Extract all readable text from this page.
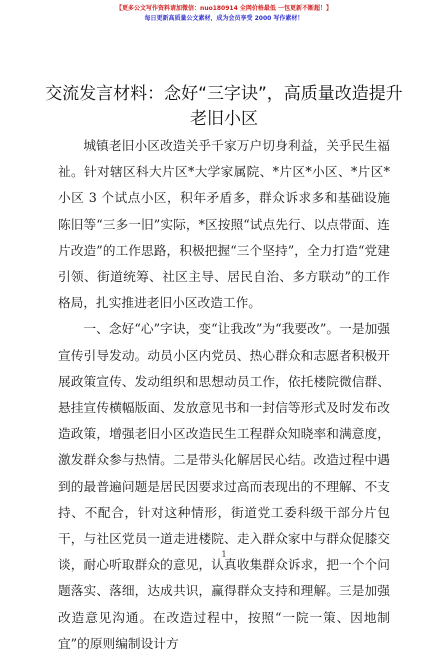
【更多公文写作资料请加微信：nuo180914 全网价格最低 一包更新不断超！】
每日更新高质量公文素材，成为会员享受 2000 写作素材！
交流发言材料：念好“三字诀”，高质量改造提升老旧小区

城镇老旧小区改造关乎千家万户切身利益，关乎民生福祉。针对辖区科大片区*大学家属院、*片区*小区、*片区*小区 3 个试点小区，积年矛盾多，群众诉求多和基础设施陈旧等“三多一旧”实际，*区按照“试点先行、以点带面、连片改造”的工作思路，积极把握“三个坚持”，全力打造“党建引领、街道统筹、社区主导、居民自治、多方联动”的工作格局，扎实推进老旧小区改造工作。

一、念好“心”字诀，变“让我改”为“我要改”。一是加强宣传引导发动。动员小区内党员、热心群众和志愿者积极开展政策宣传、发动组织和思想动员工作，依托楼院微信群、悬挂宣传横幅版面、发放意见书和一封信等形式及时发布改造政策，增强老旧小区改造民生工程群众知晓率和满意度，激发群众参与热情。二是带头化解居民心结。改造过程中遇到的最普遍问题是居民因要求过高而表现出的不理解、不支持、不配合，针对这种情形，街道党工委科级干部分片包干，与社区党员一道走进楼院、走入群众家中与群众促膝交谈，耐心听取群众的意见，认真收集群众诉求，把一个个问题落实、落细，达成共识，赢得群众支持和理解。三是加强改造意见沟通。在改造过程中，按照“一院一策、因地制宜”的原则编制设计方

1
